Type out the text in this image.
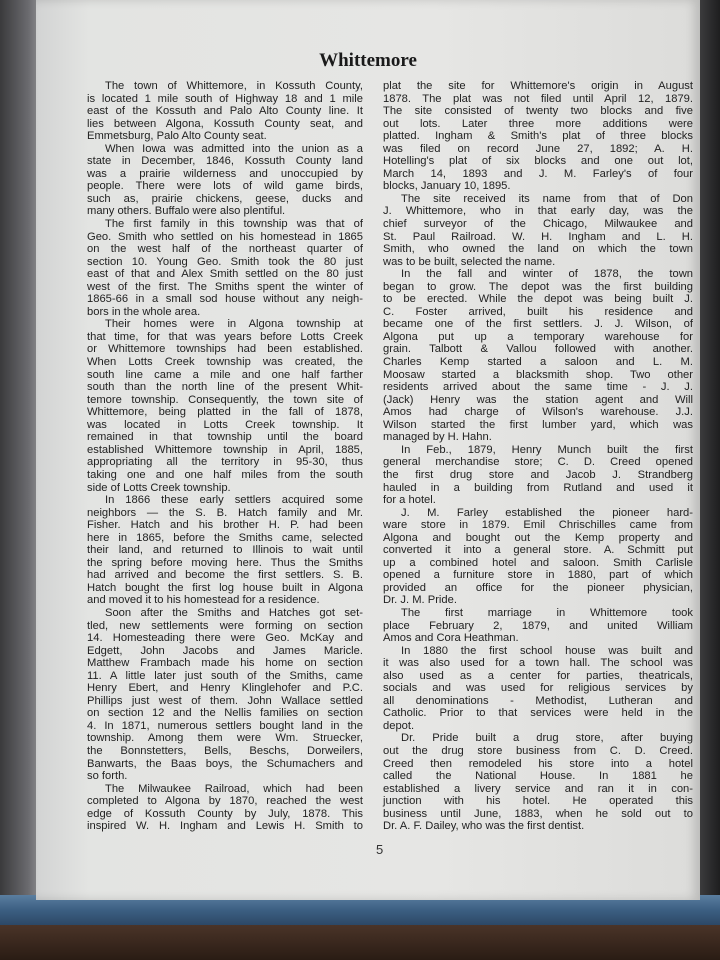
Whittemore
The town of Whittemore, in Kossuth County,
is located 1 mile south of Highway 18 and 1 mile
east of the Kossuth and Palo Alto County line. It
lies between Algona, Kossuth County seat, and
Emmetsburg, Palo Alto County seat.
When Iowa was admitted into the union as a
state in December, 1846, Kossuth County land
was a prairie wilderness and unoccupied by
people. There were lots of wild game birds,
such as, prairie chickens, geese, ducks and
many others. Buffalo were also plentiful.
The first family in this township was that of
Geo. Smith who settled on his homestead in 1865
on the west half of the northeast quarter of
section 10. Young Geo. Smith took the 80 just
east of that and Alex Smith settled on the 80 just
west of the first. The Smiths spent the winter of
1865-66 in a small sod house without any neigh-
bors in the whole area.
Their homes were in Algona township at
that time, for that was years before Lotts Creek
or Whittemore townships had been established.
When Lotts Creek township was created, the
south line came a mile and one half farther
south than the north line of the present Whit-
temore township. Consequently, the town site of
Whittemore, being platted in the fall of 1878,
was located in Lotts Creek township. It
remained in that township until the board
established Whittemore township in April, 1885,
appropriating all the territory in 95-30, thus
taking one and one half miles from the south
side of Lotts Creek township.
In 1866 these early settlers acquired some
neighbors — the S. B. Hatch family and Mr.
Fisher. Hatch and his brother H. P. had been
here in 1865, before the Smiths came, selected
their land, and returned to Illinois to wait until
the spring before moving here. Thus the Smiths
had arrived and become the first settlers. S. B.
Hatch bought the first log house built in Algona
and moved it to his homestead for a residence.
Soon after the Smiths and Hatches got set-
tled, new settlements were forming on section
14. Homesteading there were Geo. McKay and
Edgett, John Jacobs and James Maricle.
Matthew Frambach made his home on section
11. A little later just south of the Smiths, came
Henry Ebert, and Henry Klinglehofer and P.C.
Phillips just west of them. John Wallace settled
on section 12 and the Nellis families on section
4. In 1871, numerous settlers bought land in the
township. Among them were Wm. Struecker,
the Bonnstetters, Bells, Beschs, Dorweilers,
Banwarts, the Baas boys, the Schumachers and
so forth.
The Milwaukee Railroad, which had been
completed to Algona by 1870, reached the west
edge of Kossuth County by July, 1878. This
inspired W. H. Ingham and Lewis H. Smith to
plat the site for Whittemore's origin in August
1878. The plat was not filed until April 12, 1879.
The site consisted of twenty two blocks and five
out lots. Later three more additions were
platted. Ingham & Smith's plat of three blocks
was filed on record June 27, 1892; A. H.
Hotelling's plat of six blocks and one out lot,
March 14, 1893 and J. M. Farley's of four
blocks, January 10, 1895.
The site received its name from that of Don
J. Whittemore, who in that early day, was the
chief surveyor of the Chicago, Milwaukee and
St. Paul Railroad. W. H. Ingham and L. H.
Smith, who owned the land on which the town
was to be built, selected the name.
In the fall and winter of 1878, the town
began to grow. The depot was the first building
to be erected. While the depot was being built J.
C. Foster arrived, built his residence and
became one of the first settlers. J. J. Wilson, of
Algona put up a temporary warehouse for
grain. Talbott & Vallou followed with another.
Charles Kemp started a saloon and L. M.
Moosaw started a blacksmith shop. Two other
residents arrived about the same time - J. J.
(Jack) Henry was the station agent and Will
Amos had charge of Wilson's warehouse. J.J.
Wilson started the first lumber yard, which was
managed by H. Hahn.
In Feb., 1879, Henry Munch built the first
general merchandise store; C. D. Creed opened
the first drug store and Jacob J. Strandberg
hauled in a building from Rutland and used it
for a hotel.
J. M. Farley established the pioneer hard-
ware store in 1879. Emil Chrischilles came from
Algona and bought out the Kemp property and
converted it into a general store. A. Schmitt put
up a combined hotel and saloon. Smith Carlisle
opened a furniture store in 1880, part of which
provided an office for the pioneer physician,
Dr. J. M. Pride.
The first marriage in Whittemore took
place February 2, 1879, and united William
Amos and Cora Heathman.
In 1880 the first school house was built and
it was also used for a town hall. The school was
also used as a center for parties, theatricals,
socials and was used for religious services by
all denominations - Methodist, Lutheran and
Catholic. Prior to that services were held in the
depot.
Dr. Pride built a drug store, after buying
out the drug store business from C. D. Creed.
Creed then remodeled his store into a hotel
called the National House. In 1881 he
established a livery service and ran it in con-
junction with his hotel. He operated this
business until June, 1883, when he sold out to
Dr. A. F. Dailey, who was the first dentist.
5
